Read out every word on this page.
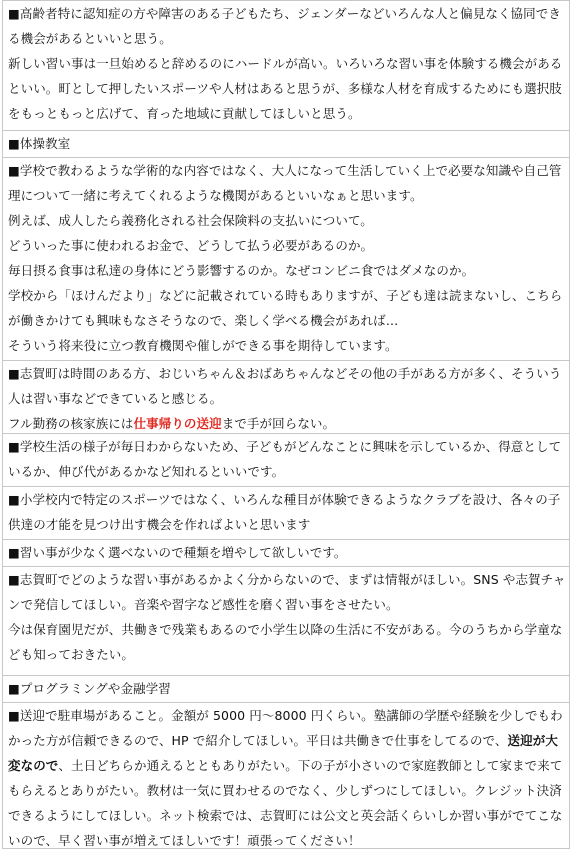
■高齢者特に認知症の方や障害のある子どもたち、ジェンダーなどいろんな人と偏見なく協同できる機会があるといいと思う。
新しい習い事は一旦始めると辞めるのにハードルが高い。いろいろな習い事を体験する機会があるといい。町として押したいスポーツや人材はあると思うが、多様な人材を育成するためにも選択肢をもっともっと広げて、育った地域に貢献してほしいと思う。
■体操教室
■学校で教わるような学術的な内容ではなく、大人になって生活していく上で必要な知識や自己管理について一緒に考えてくれるような機関があるといいなぁと思います。
例えば、成人したら義務化される社会保険料の支払いについて。
どういった事に使われるお金で、どうして払う必要があるのか。
毎日摂る食事は私達の身体にどう影響するのか。なぜコンビニ食ではダメなのか。
学校から「ほけんだより」などに記載されている時もありますが、子ども達は読まないし、こちらが働きかけても興味もなさそうなので、楽しく学べる機会があれば…
そういう将来役に立つ教育機関や催しができる事を期待しています。
■志賀町は時間のある方、おじいちゃん＆おばあちゃんなどその他の手がある方が多く、そういう人は習い事などできていると感じる。
フル勤務の核家族には仕事帰りの送迎まで手が回らない。
■学校生活の様子が毎日わからないため、子どもがどんなことに興味を示しているか、得意としているか、伸び代があるかなど知れるといいです。
■小学校内で特定のスポーツではなく、いろんな種目が体験できるようなクラブを設け、各々の子供達の才能を見つけ出す機会を作ればよいと思います
■習い事が少なく選べないので種類を増やして欲しいです。
■志賀町でどのような習い事があるかよく分からないので、まずは情報がほしい。SNS や志賀チャンで発信してほしい。音楽や習字など感性を磨く習い事をさせたい。
今は保育園児だが、共働きで残業もあるので小学生以降の生活に不安がある。今のうちから学童なども知っておきたい。
■プログラミングや金融学習
■送迎で駐車場があること。金額が 5000 円～8000 円くらい。塾講師の学歴や経験を少しでもわかった方が信頼できるので、HP で紹介してほしい。平日は共働きで仕事をしてるので、送迎が大変なので、土日どちらか通えるとともありがたい。下の子が小さいので家庭教師として家まで来てもらえるとありがたい。教材は一気に買わせるのでなく、少しずつにしてほしい。クレジット決済できるようにしてほしい。ネット検索では、志賀町には公文と英会話くらいしか習い事がでてこないので、早く習い事が増えてほしいです！頑張ってください！
